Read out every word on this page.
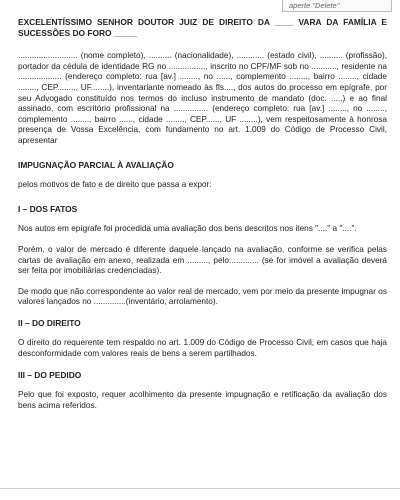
aperte "Delete"

EXCELENTÍSSIMO SENHOR DOUTOR JUIZ DE DIREITO DA ____ VARA DA FAMÍLIA E SUCESSÕES DO FORO _____

.......................... (nome completo), .......... (nacionalidade), ............ (estado civil), .......... (profissão), portador da cédula de identidade RG no ................, inscrito no CPF/MF sob no ..........., residente na ................... (endereço completo: rua [av.] ........, no ......, complemento ........, bairro ........, cidade ........, CEP........, UF........), inventariante nomeado às fls...., dos autos do processo em epígrafe, por seu Advogado constituído nos termos do incluso instrumento de mandato (doc. .....) e ao final assinado, com escritório profissional na ............... (endereço completo: rua [av.] ........, no ........, complemento ........, bairro ......, cidade ........, CEP......, UF ........), vem respeitosamente à honrosa presença de Vossa Excelência, com fundamento no art. 1.009 do Código de Processo Civil, apresentar

IMPUGNAÇÃO PARCIAL À AVALIAÇÃO

pelos motivos de fato e de direito que passa a expor:

I – DOS FATOS

Nos autos em epígrafe foi procedida uma avaliação dos bens descritos nos itens "...." a "....".

Porém, o valor de mercado é diferente daquele lançado na avaliação, conforme se verifica pelas cartas de avaliação em anexo, realizada em ........., pelo............. (se for imóvel a avaliação deverá ser feita por imobiliárias credenciadas).

De modo que não correspondente ao valor real de mercado, vem por meio da presente impugnar os valores lançados no ..............(inventário, arrolamento).

II – DO DIREITO

O direito do requerente tem respaldo no art. 1.009 do Código de Processo Civil, em casos que haja desconformidade com valores reais de bens a serem partilhados.

III – DO PEDIDO

Pelo que foi exposto, requer acolhimento da presente impugnação e retificação da avaliação dos bens acima referidos.
